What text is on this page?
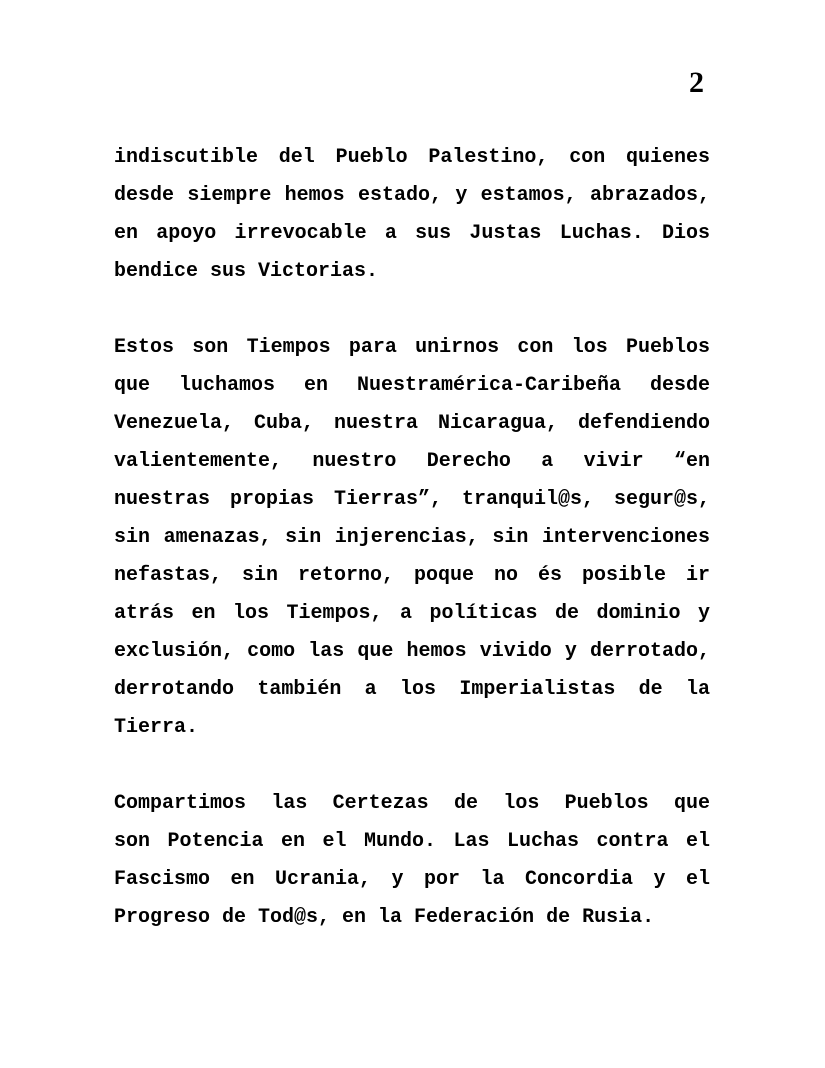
2
indiscutible del Pueblo Palestino, con quienes
desde siempre hemos estado, y estamos, abrazados,
en apoyo irrevocable a sus Justas Luchas. Dios
bendice sus Victorias.
Estos son Tiempos para unirnos con los Pueblos
que luchamos en Nuestramérica-Caribeña desde
Venezuela, Cuba, nuestra Nicaragua, defendiendo
valientemente, nuestro Derecho a vivir “en
nuestras propias Tierras”, tranquil@s, segur@s,
sin amenazas, sin injerencias, sin intervenciones
nefastas, sin retorno, poque no és posible ir
atrás en los Tiempos, a políticas de dominio y
exclusión, como las que hemos vivido y derrotado,
derrotando también a los Imperialistas de la
Tierra.
Compartimos las Certezas de los Pueblos que
son Potencia en el Mundo. Las Luchas contra el
Fascismo en Ucrania, y por la Concordia y el
Progreso de Tod@s, en la Federación de Rusia.
